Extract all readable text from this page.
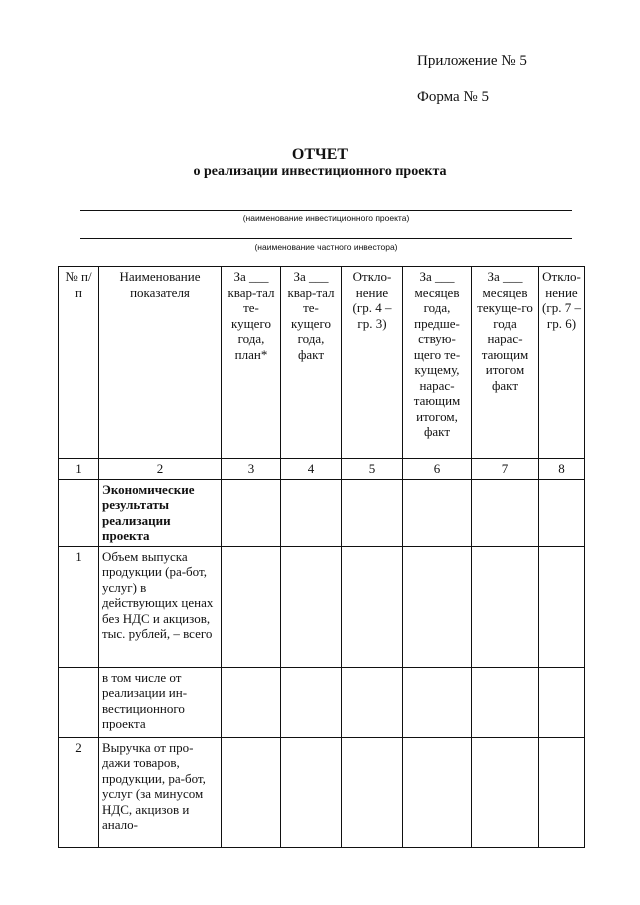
Приложение № 5
Форма № 5
ОТЧЕТ
о реализации инвестиционного проекта
(наименование инвестиционного проекта)
(наименование частного инвестора)
№ п/п	Наименование показателя	За ___ квар-тал те-кущего года, план*	За ___ квар-тал те-кущего года, факт	Откло-нение (гр. 4 – гр. 3)	За ___ месяцев года, предше-ствую-щего те-кущему, нарас-тающим итогом, факт	За ___ месяцев текуще-го года нарас-тающим итогом факт	Откло-нение (гр. 7 – гр. 6)
1	2	3	4	5	6	7	8
	Экономические результаты реализации проекта						
1	Объем выпуска продукции (ра-бот, услуг) в действующих ценах без НДС и акцизов, тыс. рублей, – всего						
	в том числе от реализации ин-вестиционного проекта						
2	Выручка от про-дажи товаров, продукции, ра-бот, услуг (за минусом НДС, акцизов и анало-						
